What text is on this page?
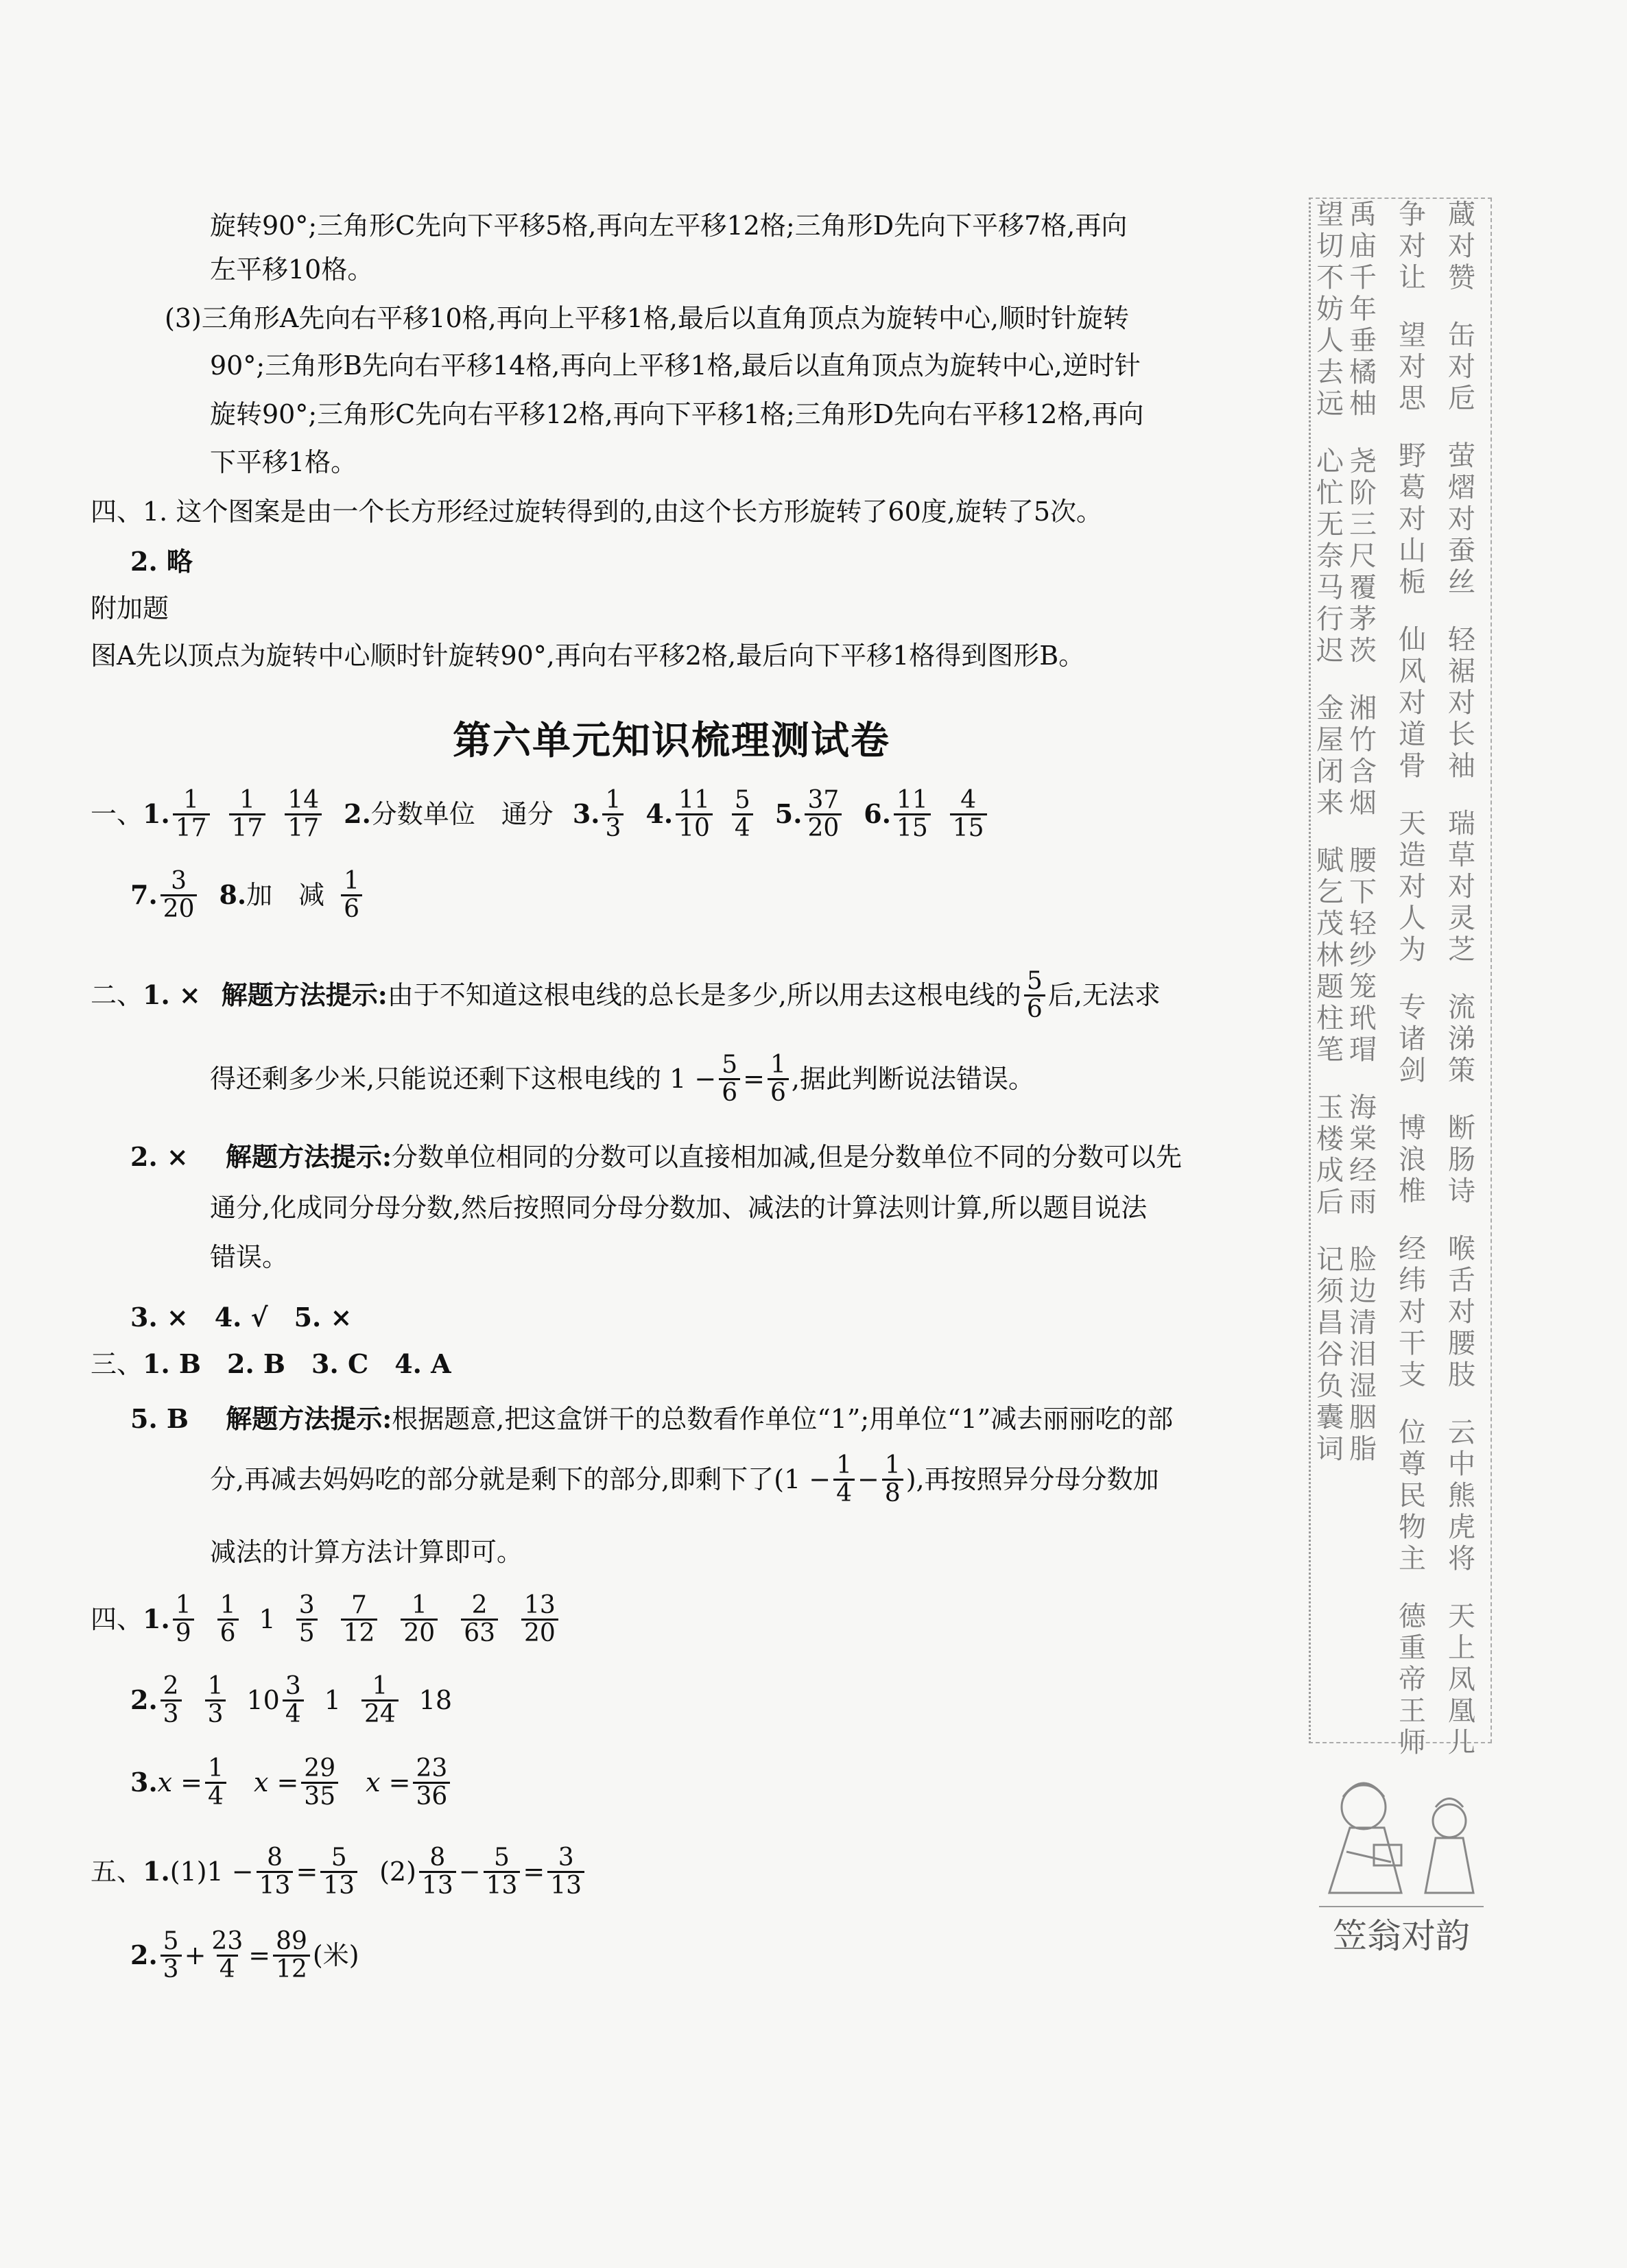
旋转90°;三角形C先向下平移5格,再向左平移12格;三角形D先向下平移7格,再向
左平移10格。
(3)三角形A先向右平移10格,再向上平移1格,最后以直角顶点为旋转中心,顺时针旋转
90°;三角形B先向右平移14格,再向上平移1格,最后以直角顶点为旋转中心,逆时针
旋转90°;三角形C先向右平移12格,再向下平移1格;三角形D先向右平移12格,再向
下平移1格。
四、1. 这个图案是由一个长方形经过旋转得到的,由这个长方形旋转了60度,旋转了5次。
2. 略
附加题
图A先以顶点为旋转中心顺时针旋转90°,再向右平移2格,最后向下平移1格得到图形B。
第六单元知识梳理测试卷
一、 1. 1
17
1
17
14
17 2. 分数单位　通分 3. 1
3 4. 11
10
5
4 5. 37
20 6. 11
15
4
15
7. 3
20 8. 加　减 1
6
二、 1. × 解题方法提示: 由于不知道这根电线的总长是多少,所以用去这根电线的 5
6 后,无法求
得还剩多少米,只能说还剩下这根电线的 $1 - \frac{5}{6} = \frac{1}{6}$ ,据此判断说法错误。
2. × 解题方法提示:分数单位相同的分数可以直接相加减,但是分数单位不同的分数可以先
通分,化成同分母分数,然后按照同分母分数加、减法的计算法则计算,所以题目说法
错误。
3. ×　4. √　5. ×
三、1. B　2. B　3. C　4. A
5. B 解题方法提示:根据题意,把这盒饼干的总数看作单位“1”;用单位“1”减去丽丽吃的部
分,再减去妈妈吃的部分就是剩下的部分,即剩下了($1 - \frac{1}{4} - \frac{1}{8}$ ),再按照异分母分数加
减法的计算方法计算即可。
四、 1. 1
9
1
6 1 3
5
7
12
1
20
2
63
13
20
2. 2
3
1
3 10 3
4 1 1
24 18
3. $x = \frac{1}{4}$ $x = \frac{29}{35}$ $x = \frac{23}{36}$
五、 1. $(1)1 - \frac{8}{13} = \frac{5}{13} (2)$ 8
$13 - \frac{5}{13} = \frac{3}{13}$
2. 5
$3 + \frac{23}{4} = \frac{89}{12}$ (米)
蔵对赞
缶对卮
萤熠对蚕丝
轻裾对长袖
瑞草对灵芝
流涕策
断肠诗
喉舌对腰肢
云中熊虎将
天上凤凰儿
争对让
望对思
野葛对山栀
仙风对道骨
天造对人为
专诸剑
博浪椎
经纬对干支
位尊民物主
德重帝王师
禹庙千年垂橘柚
尧阶三尺覆茅茨
湘竹含烟
腰下轻纱笼玳瑁
海棠经雨
脸边清泪湿胭脂
望切不妨人去远
心忙无奈马行迟
金屋闭来
赋乞茂林题柱笔
玉楼成后
记须昌谷负囊词
笠翁对韵
